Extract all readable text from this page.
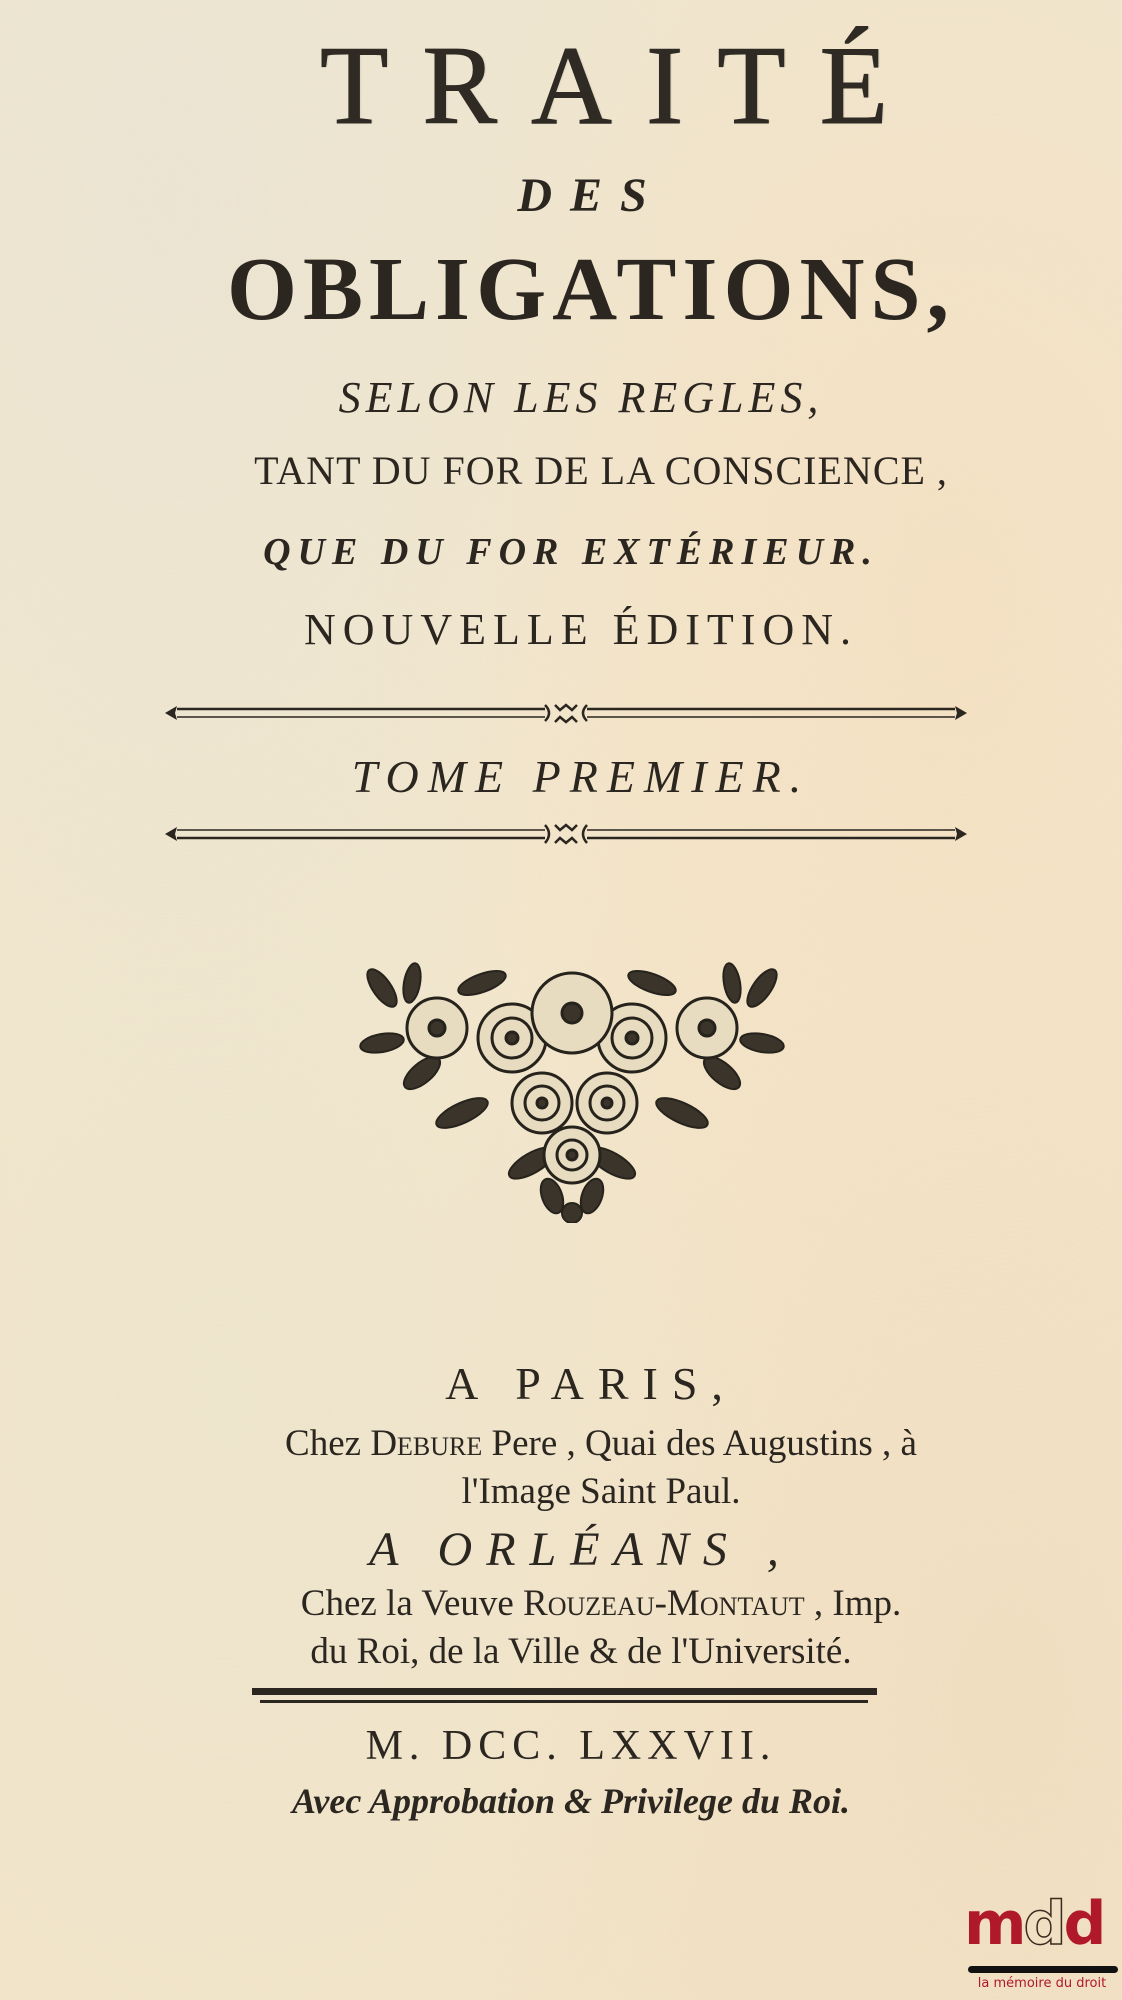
TRAITÉ
DES
OBLIGATIONS,
SELON LES REGLES,
TANT DU FOR DE LA CONSCIENCE ,
QUE DU FOR EXTÉRIEUR.
NOUVELLE ÉDITION.
TOME PREMIER.
A PARIS,
Chez Debure Pere , Quai des Augustins , à
l'Image Saint Paul.
A ORLÉANS ,
Chez la Veuve Rouzeau-Montaut , Imp.
du Roi, de la Ville & de l'Université.
M. DCC. LXXVII.
Avec Approbation & Privilege du Roi.
mdd
la mémoire du droit
